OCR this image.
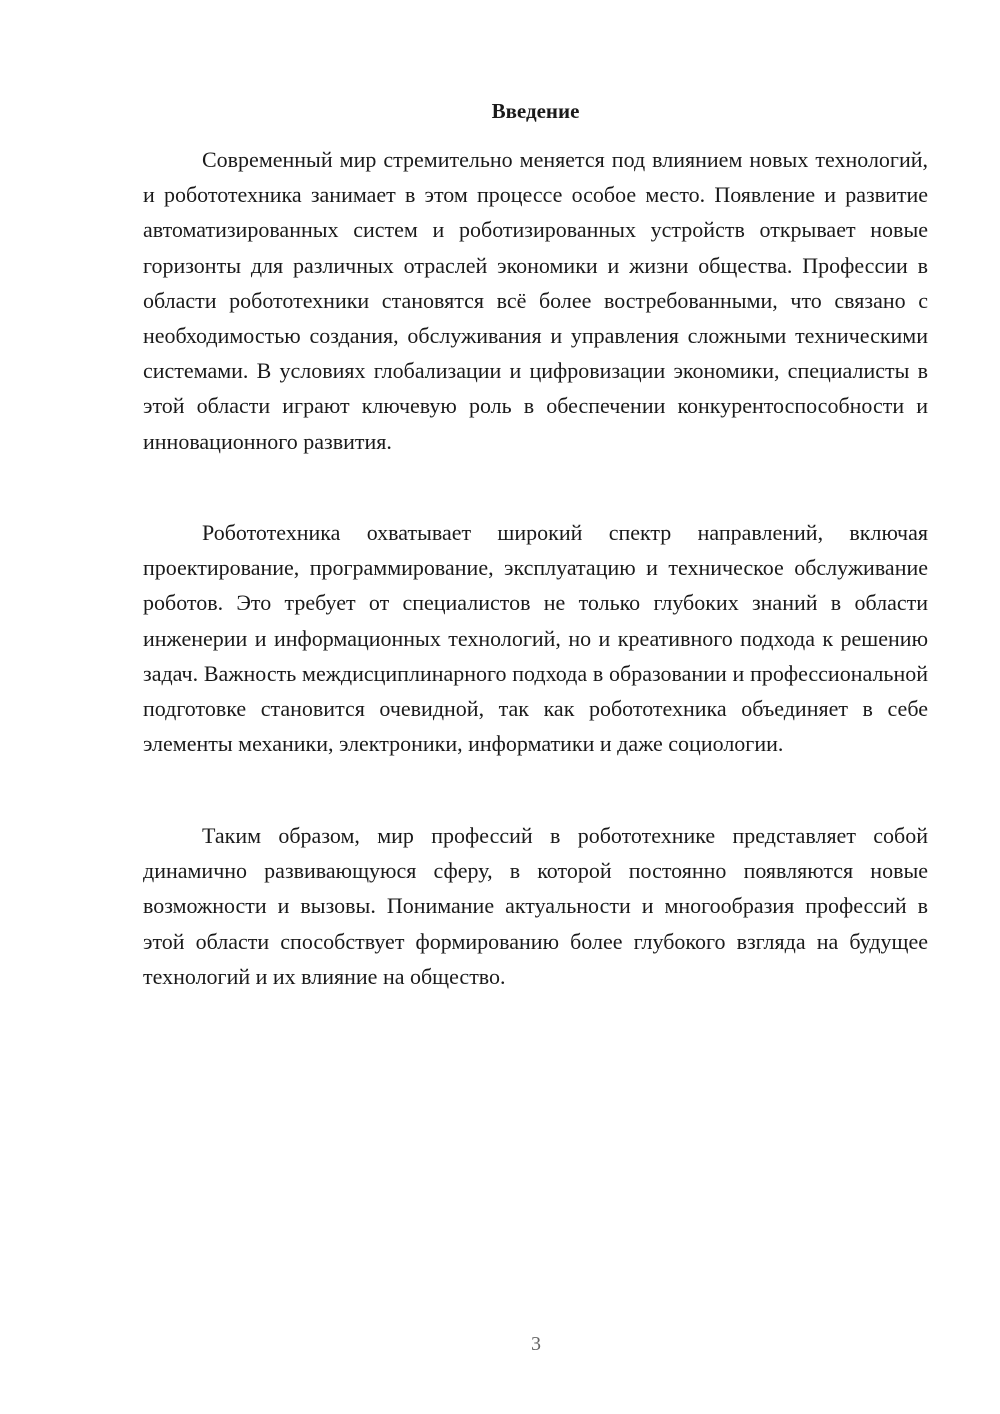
Введение

Современный мир стремительно меняется под влиянием новых технологий, и робототехника занимает в этом процессе особое место. Появление и развитие автоматизированных систем и роботизированных устройств открывает новые горизонты для различных отраслей экономики и жизни общества. Профессии в области робототехники становятся всё более востребованными, что связано с необходимостью создания, обслуживания и управления сложными техническими системами. В условиях глобализации и цифровизации экономики, специалисты в этой области играют ключевую роль в обеспечении конкурентоспособности и инновационного развития.

Робототехника охватывает широкий спектр направлений, включая проектирование, программирование, эксплуатацию и техническое обслуживание роботов. Это требует от специалистов не только глубоких знаний в области инженерии и информационных технологий, но и креативного подхода к решению задач. Важность междисциплинарного подхода в образовании и профессиональной подготовке становится очевидной, так как робототехника объединяет в себе элементы механики, электроники, информатики и даже социологии.

Таким образом, мир профессий в робототехнике представляет собой динамично развивающуюся сферу, в которой постоянно появляются новые возможности и вызовы. Понимание актуальности и многообразия профессий в этой области способствует формированию более глубокого взгляда на будущее технологий и их влияние на общество.

3
